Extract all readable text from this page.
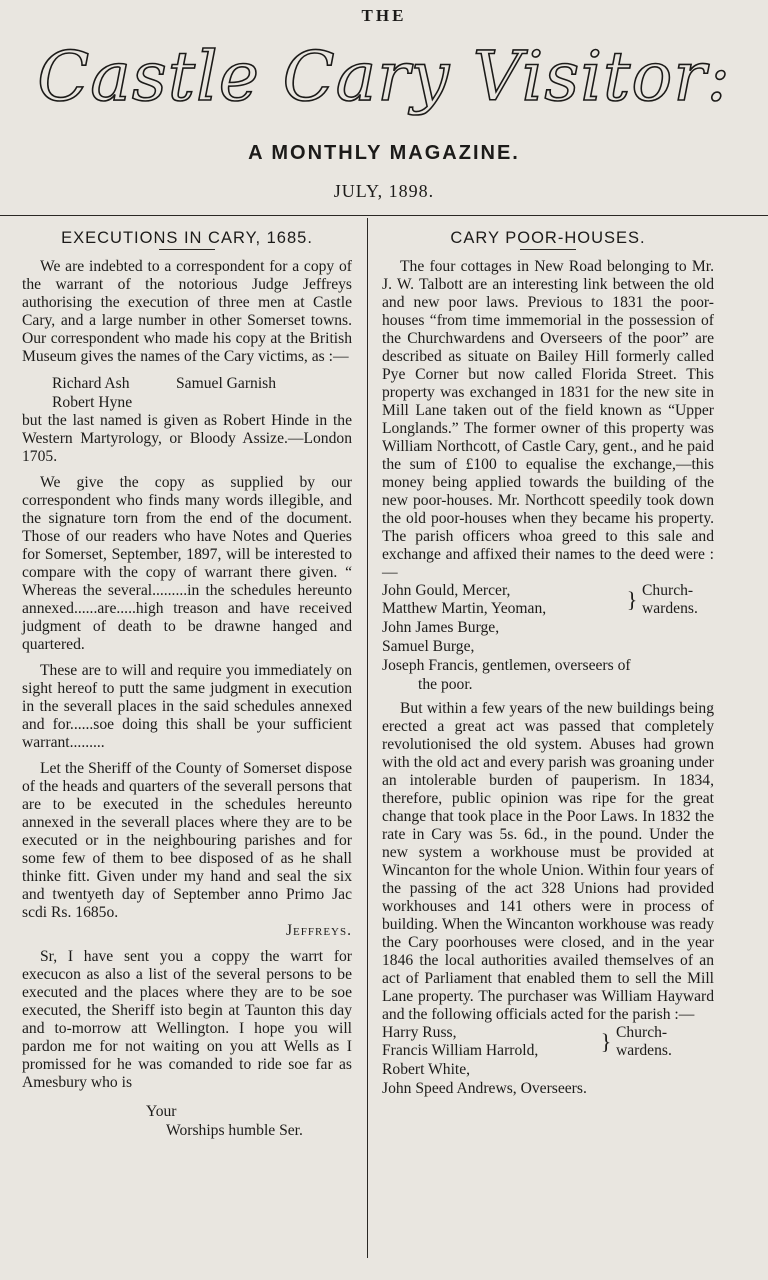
THE
Castle Cary Visitor:
A MONTHLY MAGAZINE.
JULY, 1898.
EXECUTIONS IN CARY, 1685.

We are indebted to a correspondent for a copy of the warrant of the notorious Judge Jeffreys authorising the execution of three men at Castle Cary, and a large number in other Somerset towns. Our correspondent who made his copy at the British Museum gives the names of the Cary victims, as :—

Richard Ash	Samuel Garnish
Robert Hyne

but the last named is given as Robert Hinde in the Western Martyrology, or Bloody Assize.—London 1705.

We give the copy as supplied by our correspondent who finds many words illegible, and the signature torn from the end of the document. Those of our readers who have Notes and Queries for Somerset, September, 1897, will be interested to compare with the copy of warrant there given. “ Whereas the several.........in the schedules hereunto annexed......are.....high treason and have received judgment of death to be drawne hanged and quartered.

These are to will and require you immediately on sight hereof to putt the same judgment in execution in the severall places in the said schedules annexed and for......soe doing this shall be your sufficient warrant.........

Let the Sheriff of the County of Somerset dispose of the heads and quarters of the severall persons that are to be executed in the schedules hereunto annexed in the severall places where they are to be executed or in the neighbouring parishes and for some few of them to bee disposed of as he shall thinke fitt. Given under my hand and seal the six and twentyeth day of September anno Primo Jac scdi Rs. 1685o.

Jeffreys.

Sr, I have sent you a coppy the warrt for execucon as also a list of the several persons to be executed and the places where they are to be soe executed, the Sheriff isto begin at Taunton this day and to-morrow att Wellington. I hope you will pardon me for not waiting on you att Wells as I promissed for he was comanded to ride soe far as Amesbury who is

Your
Worships humble Ser.
CARY POOR-HOUSES.

The four cottages in New Road belonging to Mr. J. W. Talbott are an interesting link between the old and new poor laws. Previous to 1831 the poor-houses “from time immemorial in the possession of the Churchwardens and Overseers of the poor” are described as situate on Bailey Hill formerly called Pye Corner but now called Florida Street. This property was exchanged in 1831 for the new site in Mill Lane taken out of the field known as “Upper Longlands.” The former owner of this property was William Northcott, of Castle Cary, gent., and he paid the sum of £100 to equalise the exchange,—this money being applied towards the building of the new poor-houses. Mr. Northcott speedily took down the old poor-houses when they became his property. The parish officers whoa greed to this sale and exchange and affixed their names to the deed were :—

John Gould, Mercer,
Matthew Martin, Yeoman,	} Church- wardens.
John James Burge,
Samuel Burge,
Joseph Francis, gentlemen, overseers of
the poor.

But within a few years of the new buildings being erected a great act was passed that completely revolutionised the old system. Abuses had grown with the old act and every parish was groaning under an intolerable burden of pauperism. In 1834, therefore, public opinion was ripe for the great change that took place in the Poor Laws. In 1832 the rate in Cary was 5s. 6d., in the pound. Under the new system a workhouse must be provided at Wincanton for the whole Union. Within four years of the passing of the act 328 Unions had provided workhouses and 141 others were in process of building. When the Wincanton workhouse was ready the Cary poorhouses were closed, and in the year 1846 the local authorities availed themselves of an act of Parliament that enabled them to sell the Mill Lane property. The purchaser was William Hayward and the following officials acted for the parish :—

Harry Russ,
Francis William Harrold,	} Church- wardens.
Robert White,
John Speed Andrews, Overseers.
